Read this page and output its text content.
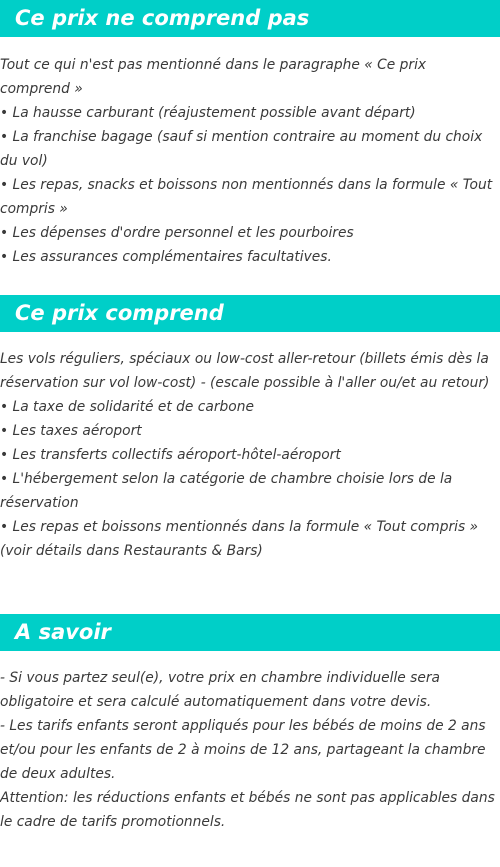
Ce prix ne comprend pas
Tout ce qui n'est pas mentionné dans le paragraphe « Ce prix comprend »
• La hausse carburant (réajustement possible avant départ)
• La franchise bagage (sauf si mention contraire au moment du choix du vol)
• Les repas, snacks et boissons non mentionnés dans la formule « Tout compris »
• Les dépenses d'ordre personnel et les pourboires
• Les assurances complémentaires facultatives.
Ce prix comprend
Les vols réguliers, spéciaux ou low-cost aller-retour (billets émis dès la réservation sur vol low-cost) - (escale possible à l'aller ou/et au retour)
• La taxe de solidarité et de carbone
• Les taxes aéroport
• Les transferts collectifs aéroport-hôtel-aéroport
• L'hébergement selon la catégorie de chambre choisie lors de la réservation
• Les repas et boissons mentionnés dans la formule « Tout compris » (voir détails dans Restaurants & Bars)
A savoir
- Si vous partez seul(e), votre prix en chambre individuelle sera obligatoire et sera calculé automatiquement dans votre devis.
- Les tarifs enfants seront appliqués pour les bébés de moins de 2 ans et/ou pour les enfants de 2 à moins de 12 ans, partageant la chambre de deux adultes.
Attention: les réductions enfants et bébés ne sont pas applicables dans le cadre de tarifs promotionnels.
